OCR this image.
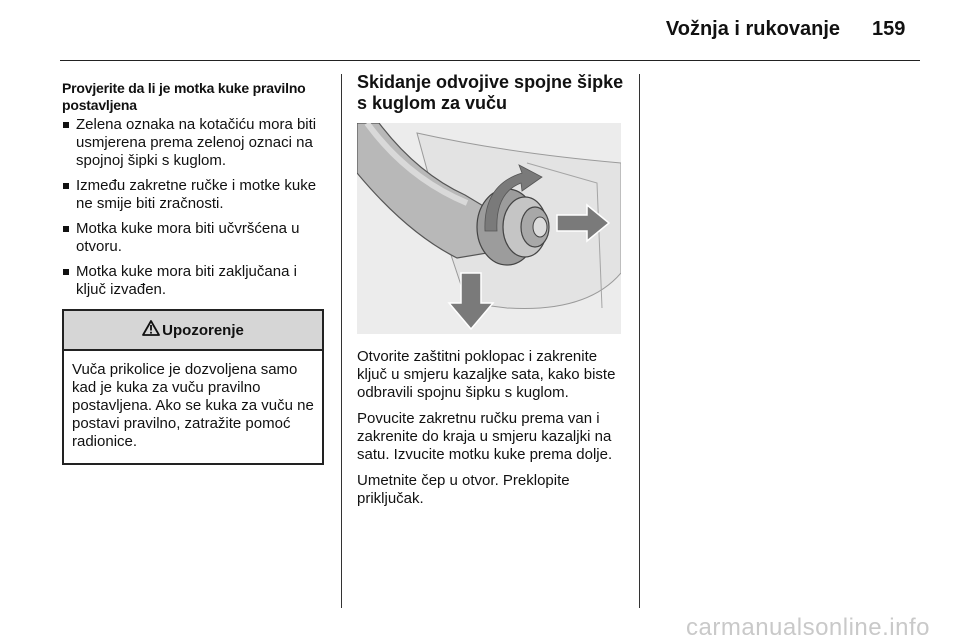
Vožnja i rukovanje 159
Provjerite da li je motka kuke pravilno postavljena
Zelena oznaka na kotačiću mora biti usmjerena prema zelenoj oznaci na spojnoj šipki s kuglom.
Između zakretne ručke i motke kuke ne smije biti zračnosti.
Motka kuke mora biti učvršćena u otvoru.
Motka kuke mora biti zaključana i ključ izvađen.
Upozorenje
Vuča prikolice je dozvoljena samo kad je kuka za vuču pravilno postavljena. Ako se kuka za vuču ne postavi pravilno, zatražite pomoć radionice.
Skidanje odvojive spojne šipke s kuglom za vuču

Otvorite zaštitni poklopac i zakrenite ključ u smjeru kazaljke sata, kako biste odbravili spojnu šipku s kuglom.

Povucite zakretnu ručku prema van i zakrenite do kraja u smjeru kazaljki na satu. Izvucite motku kuke prema dolje.

Umetnite čep u otvor. Preklopite priključak.

carmanualsonline.info
